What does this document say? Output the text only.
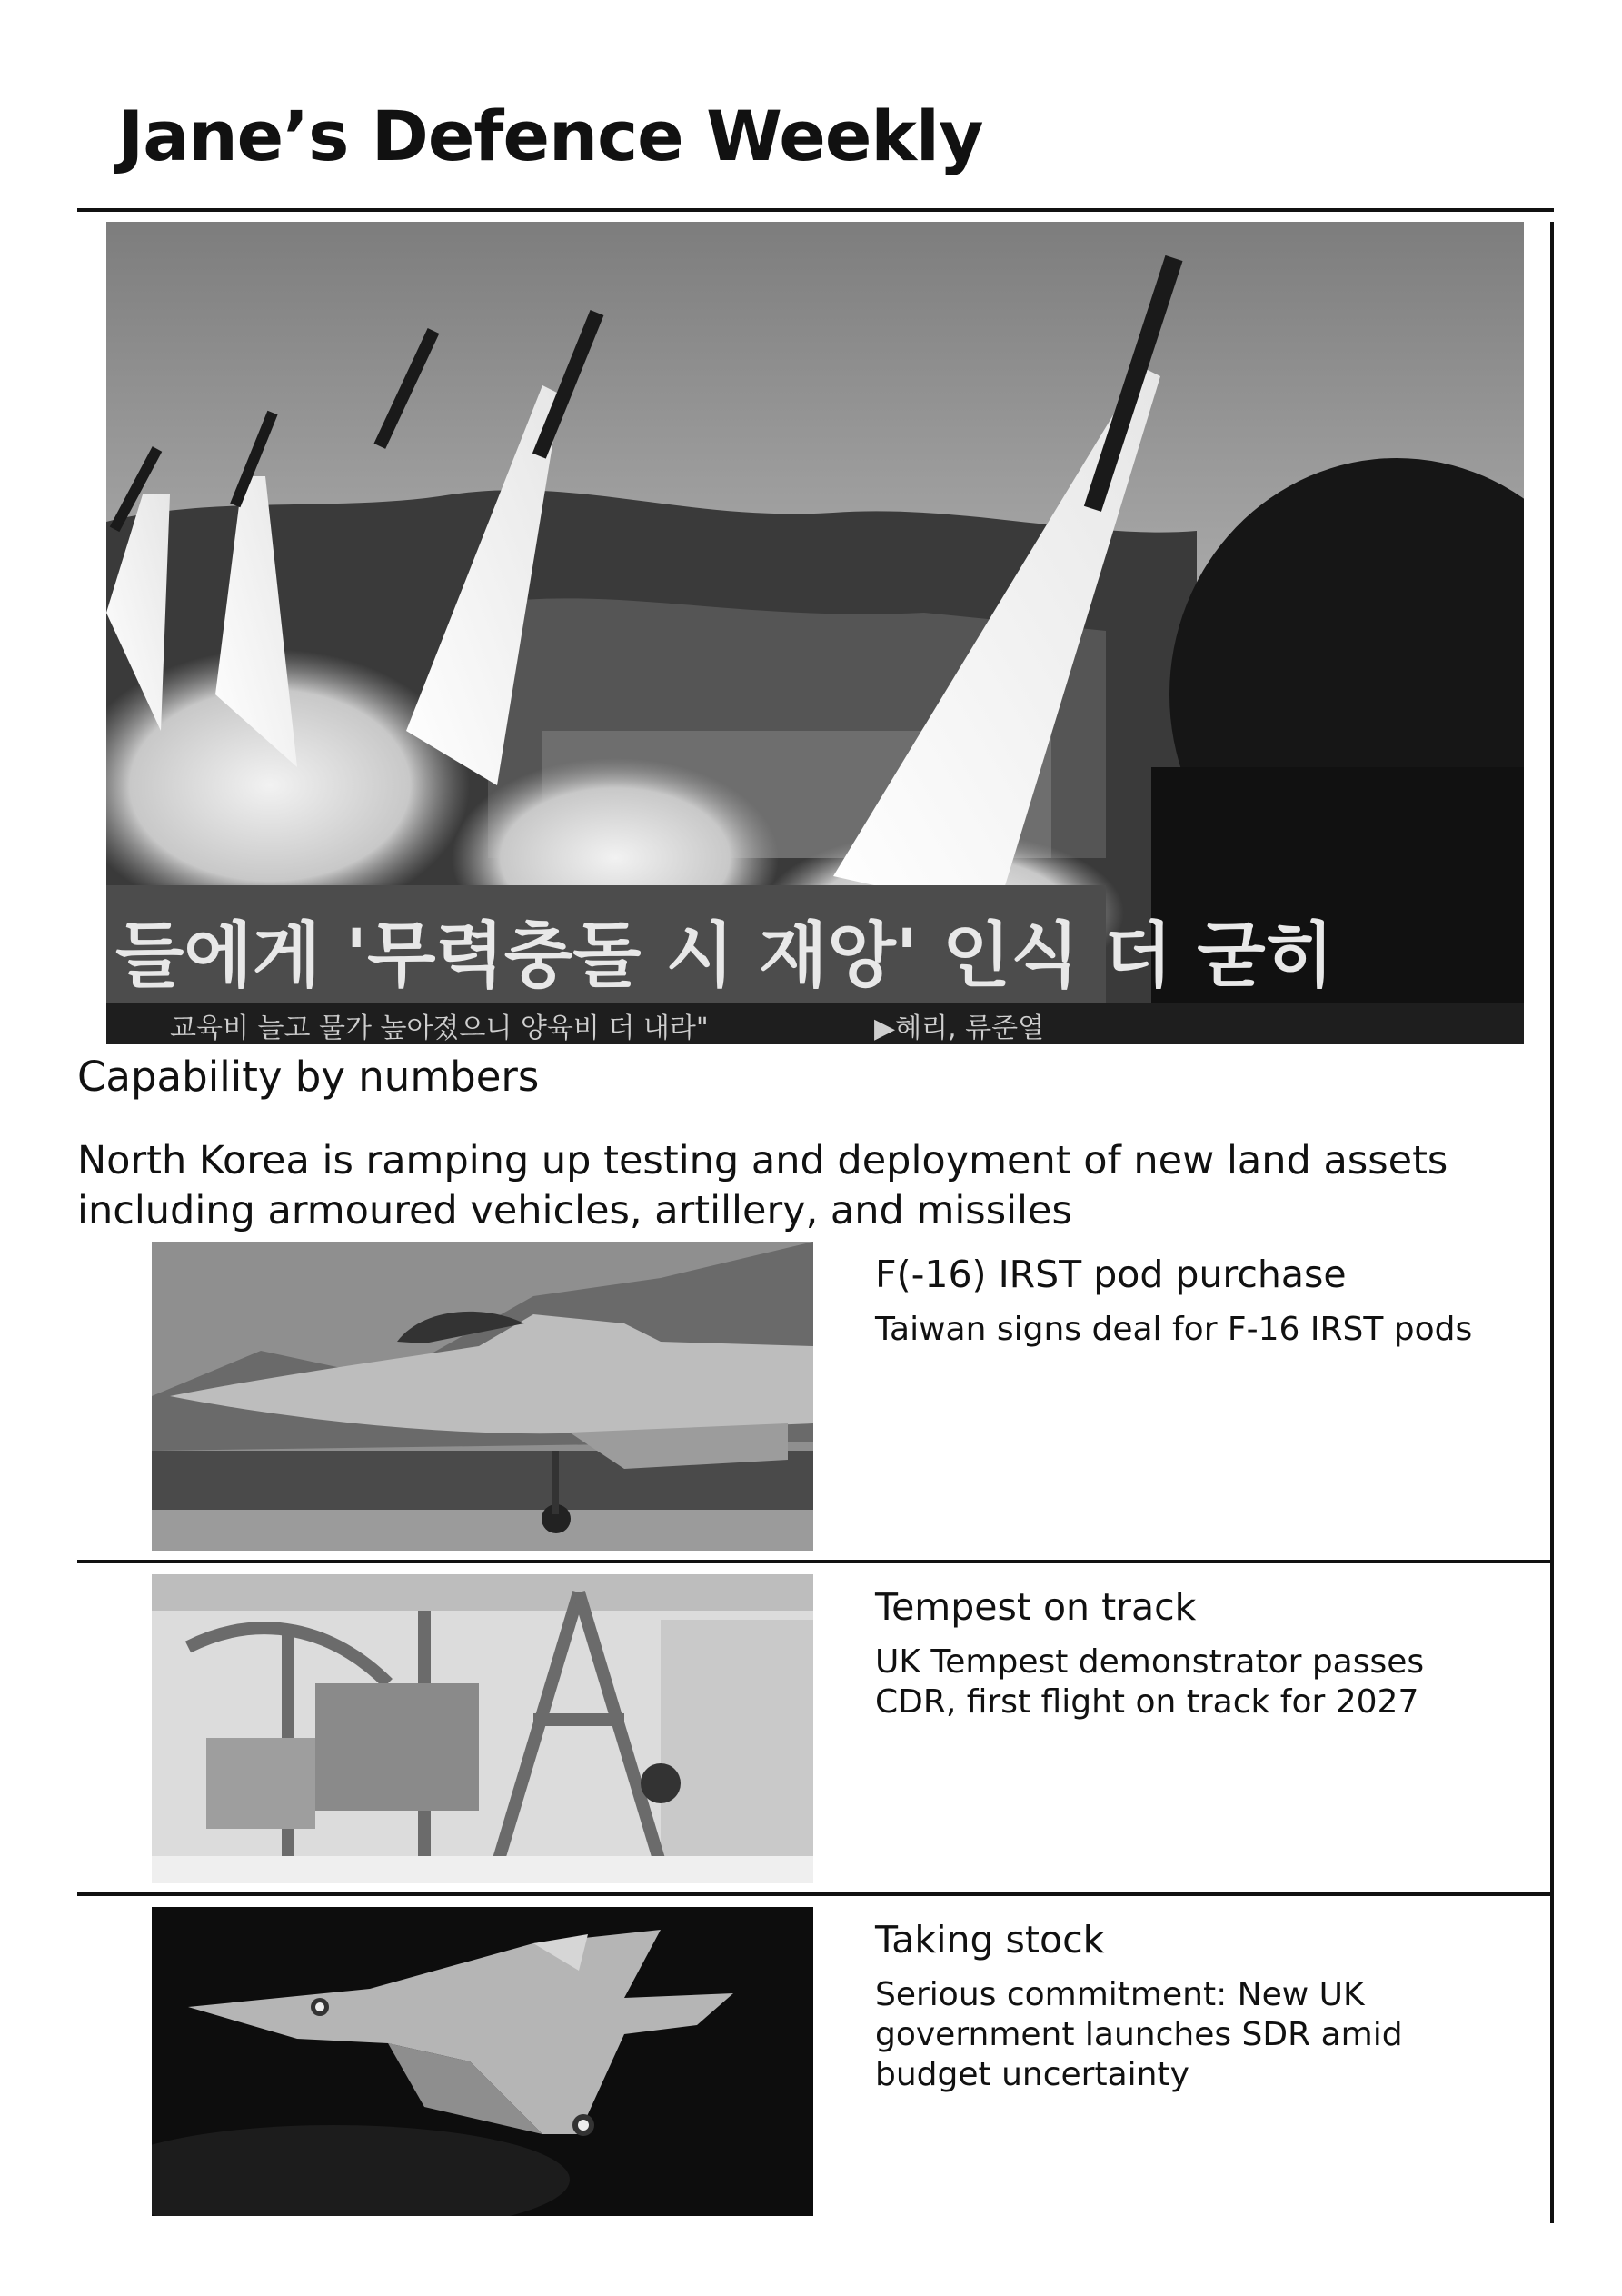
Jane’s Defence Weekly
들에게 '무력충돌 시 재앙' 인식 더 굳히
교육비 늘고 물가 높아졌으니 양육비 더 내라"	▶혜리, 류준열
Capability by numbers
North Korea is ramping up testing and deployment of new land assets including armoured vehicles, artillery, and missiles
F(-16) IRST pod purchase
Taiwan signs deal for F-16 IRST pods
Tempest on track
UK Tempest demonstrator passes CDR, first flight on track for 2027
Taking stock
Serious commitment: New UK government launches SDR amid budget uncertainty
